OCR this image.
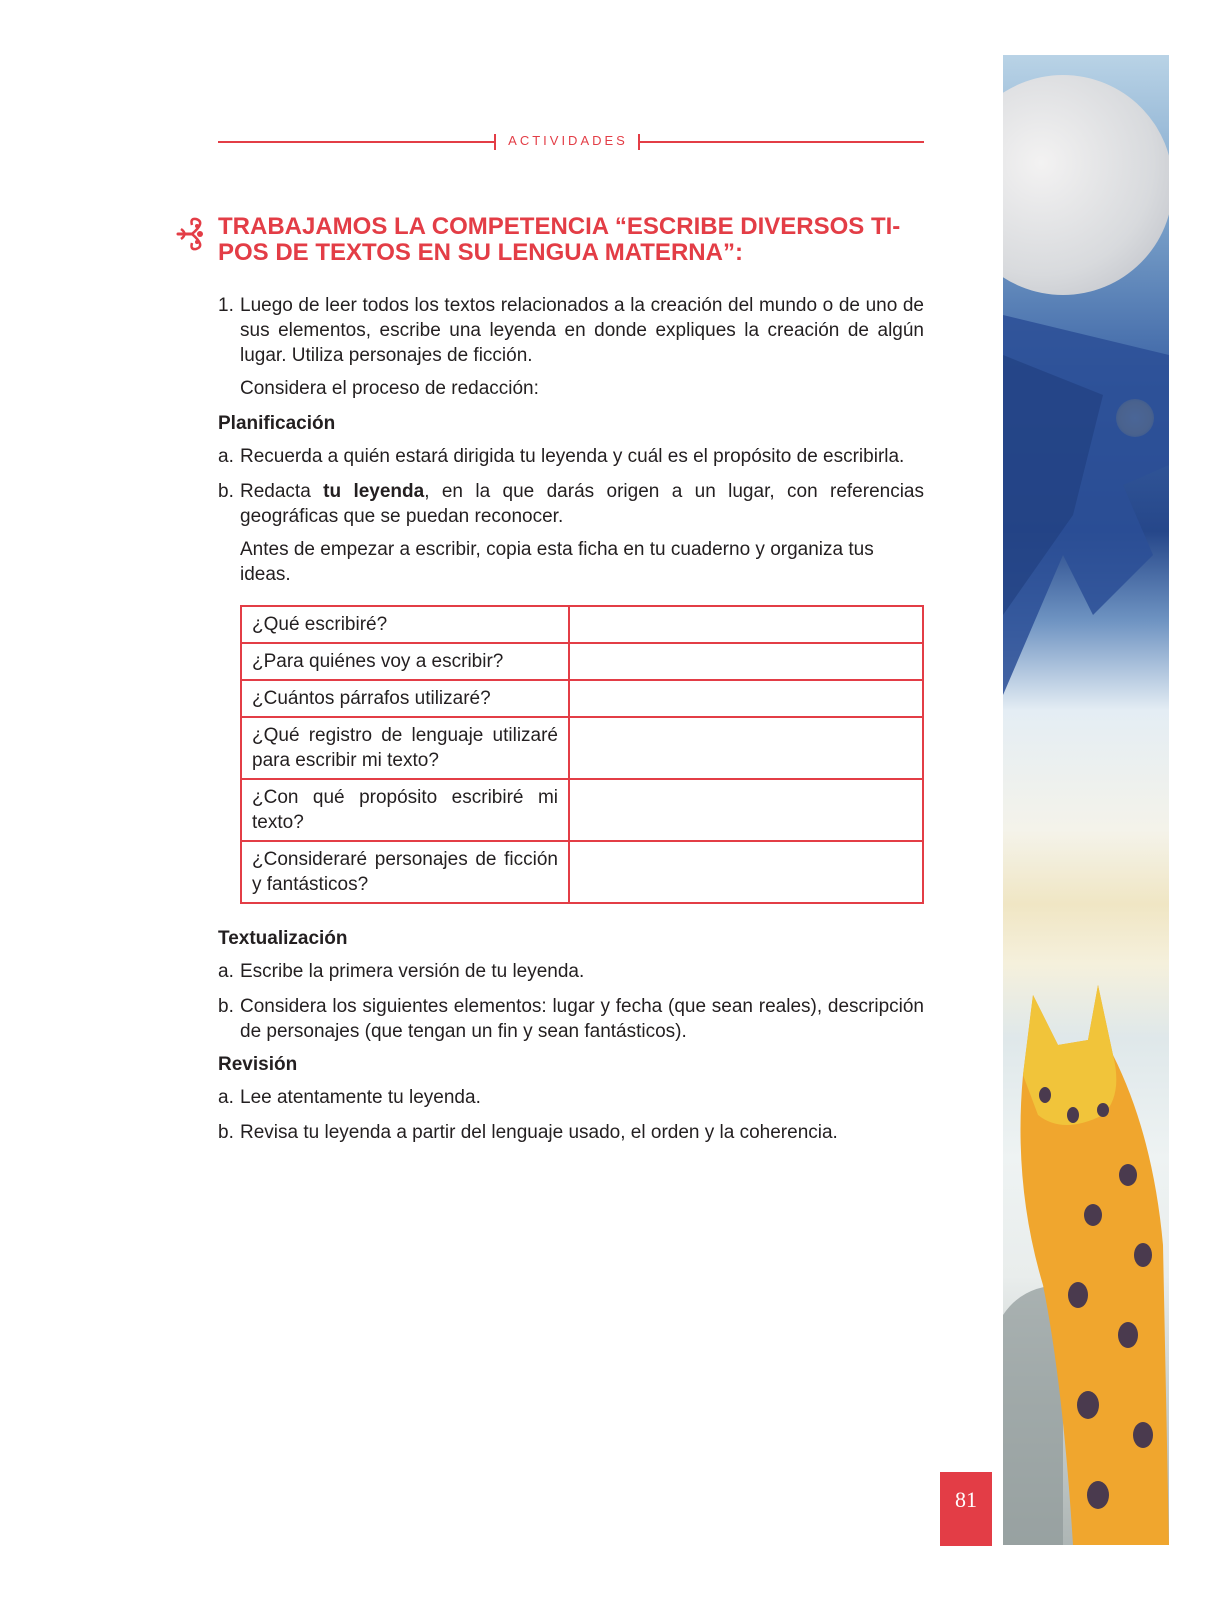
ACTIVIDADES
TRABAJAMOS LA COMPETENCIA “ESCRIBE DIVERSOS TI-POS DE TEXTOS EN SU LENGUA MATERNA”:
1. Luego de leer todos los textos relacionados a la creación del mundo o de uno de sus elementos, escribe una leyenda en donde expliques la creación de algún lugar. Utiliza personajes de ficción.

Considera el proceso de redacción:

Planificación

a. Recuerda a quién estará dirigida tu leyenda y cuál es el propósito de escribirla.
b. Redacta tu leyenda, en la que darás origen a un lugar, con referencias geográficas que se puedan reconocer.

Antes de empezar a escribir, copia esta ficha en tu cuaderno y organiza tus ideas.

¿Qué escribiré?	
¿Para quiénes voy a escribir?	
¿Cuántos párrafos utilizaré?	
¿Qué registro de lenguaje utilizaré para escribir mi texto?	
¿Con qué propósito escribiré mi texto?	
¿Consideraré personajes de ficción y fantásticos?	

Textualización

a. Escribe la primera versión de tu leyenda.
b. Considera los siguientes elementos: lugar y fecha (que sean reales), descripción de personajes (que tengan un fin y sean fantásticos).

Revisión

a. Lee atentamente tu leyenda.
b. Revisa tu leyenda a partir del lenguaje usado, el orden y la coherencia.
81
